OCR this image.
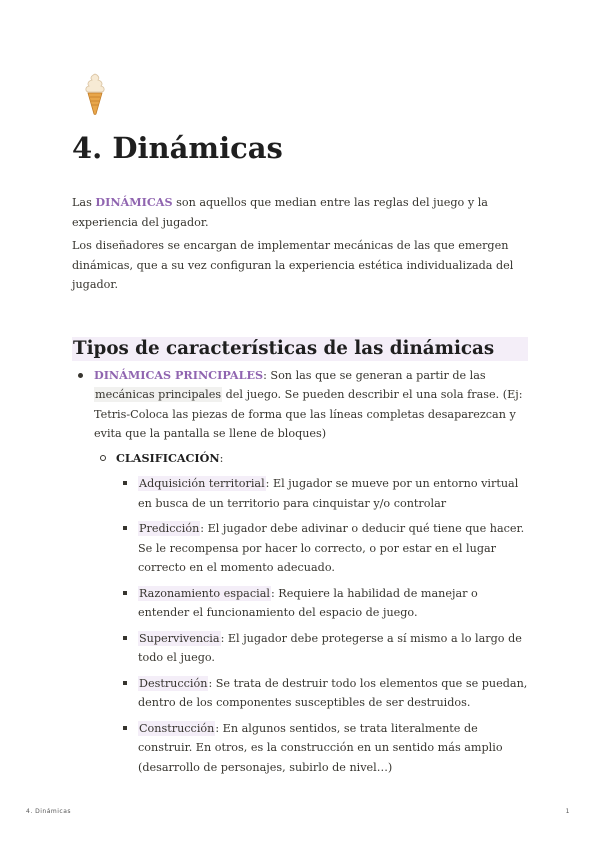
4. Dinámicas

Las DINÁMICAS son aquellos que median entre las reglas del juego y la experiencia del jugador.

Los diseñadores se encargan de implementar mecánicas de las que emergen dinámicas, que a su vez configuran la experiencia estética individualizada del jugador.

Tipos de características de las dinámicas
DINÁMICAS PRINCIPALES: Son las que se generan a partir de las mecánicas principales del juego. Se pueden describir el una sola frase. (Ej: Tetris-Coloca las piezas de forma que las líneas completas desaparezcan y evita que la pantalla se llene de bloques)
CLASIFICACIÓN:
Adquisición territorial: El jugador se mueve por un entorno virtual en busca de un territorio para cinquistar y/o controlar
Predicción: El jugador debe adivinar o deducir qué tiene que hacer. Se le recompensa por hacer lo correcto, o por estar en el lugar correcto en el momento adecuado.
Razonamiento espacial: Requiere la habilidad de manejar o entender el funcionamiento del espacio de juego.
Supervivencia: El jugador debe protegerse a sí mismo a lo largo de todo el juego.
Destrucción: Se trata de destruir todo los elementos que se puedan, dentro de los componentes susceptibles de ser destruidos.
Construcción: En algunos sentidos, se trata literalmente de construir. En otros, es la construcción en un sentido más amplio (desarrollo de personajes, subirlo de nivel…)
4. Dinámicas	1
